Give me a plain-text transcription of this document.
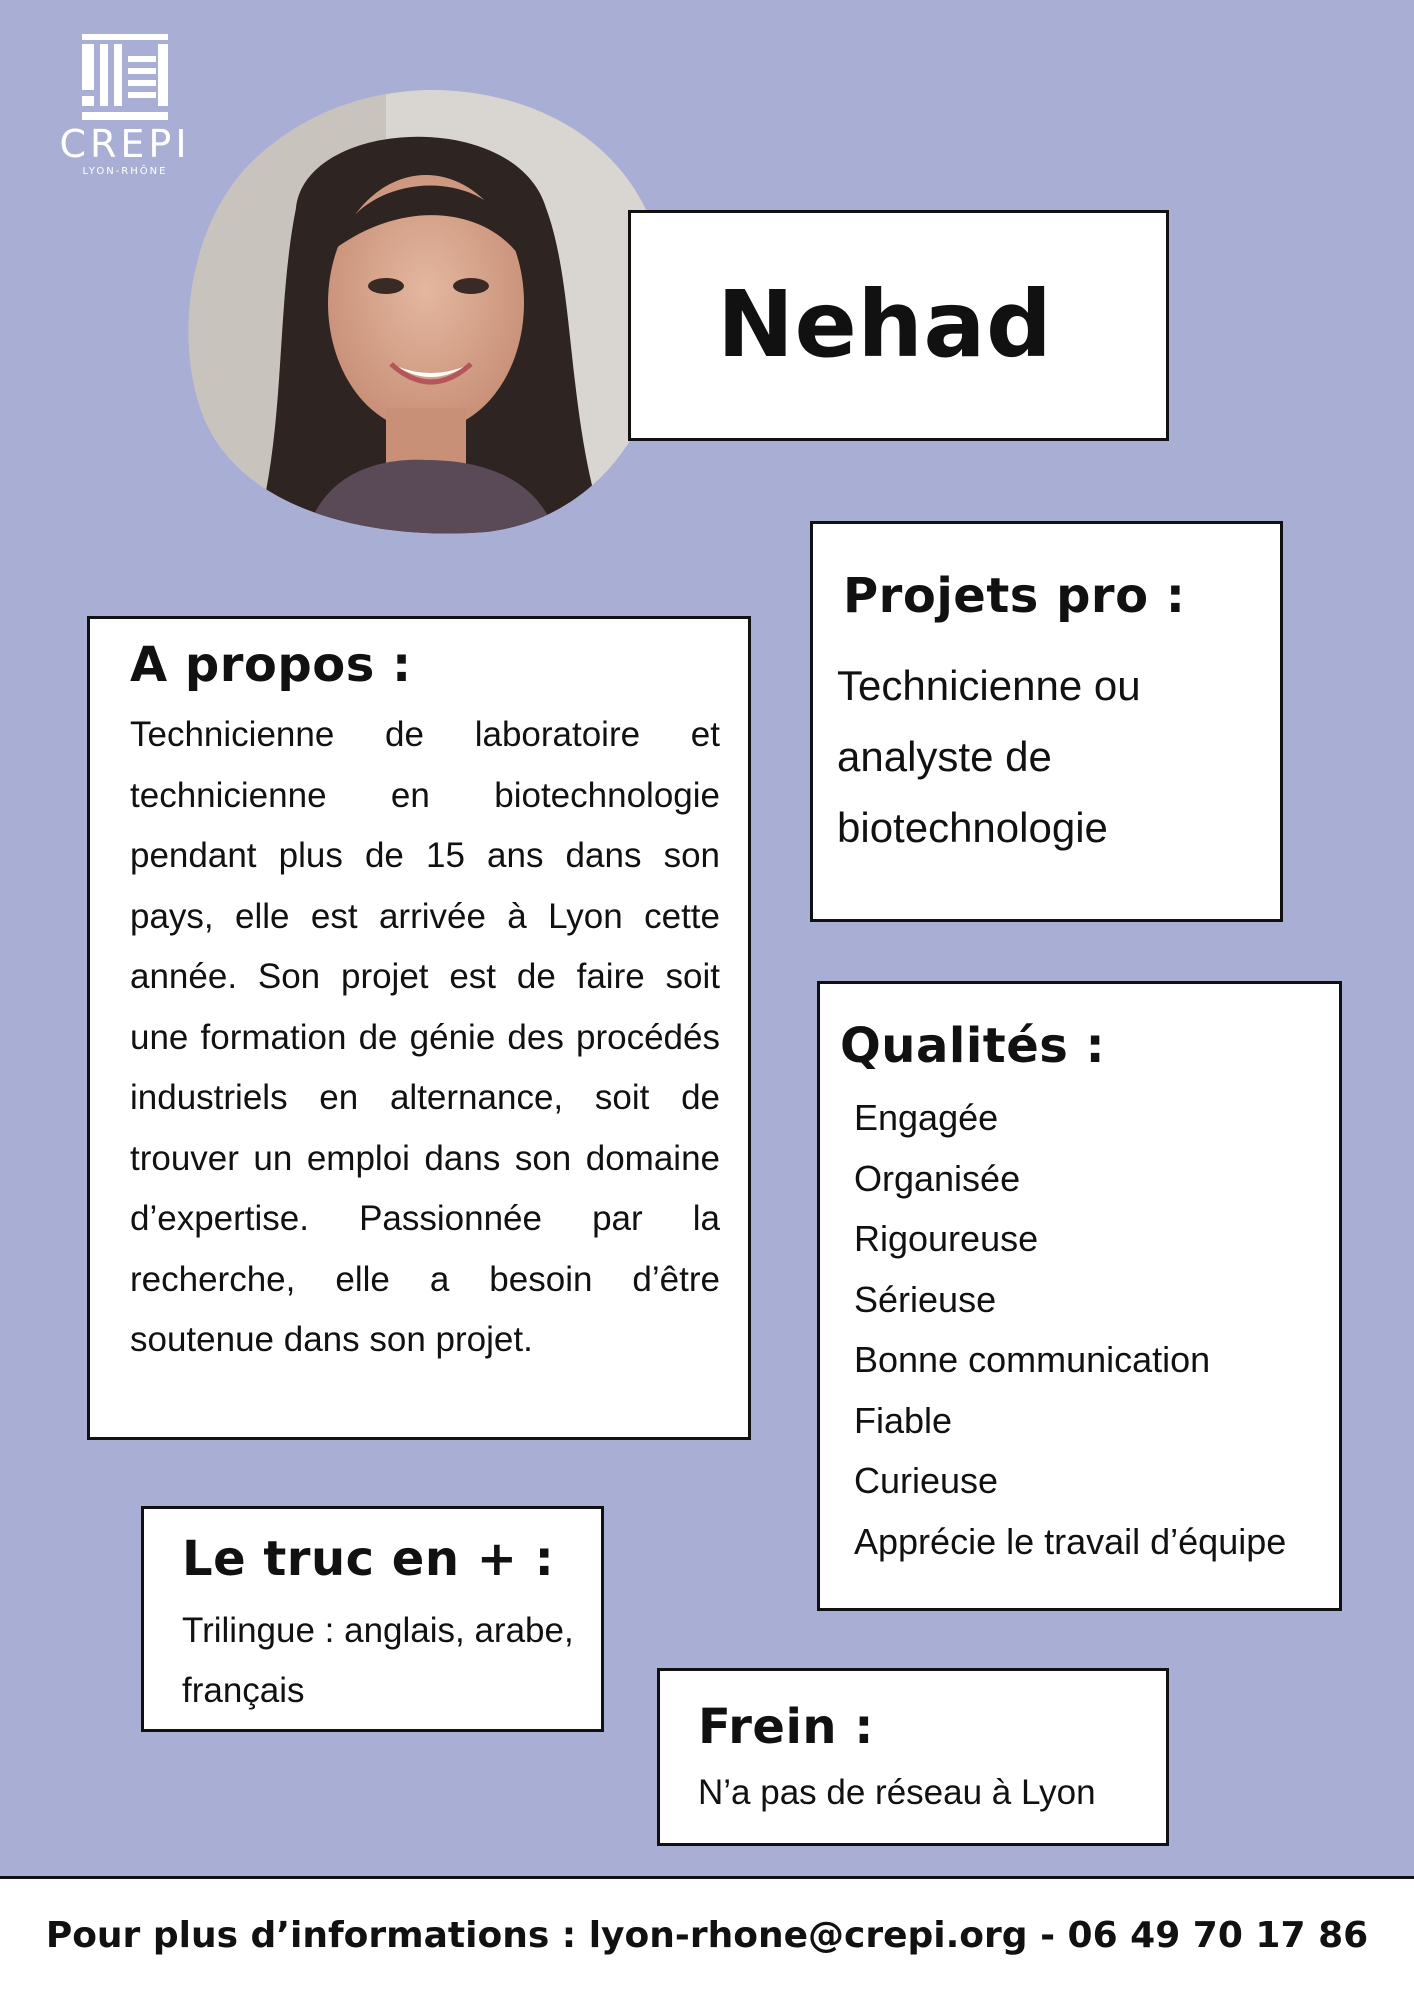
CREPI
LYON-RHÔNE
Nehad
A propos :
Technicienne de laboratoire et technicienne en biotechnologie pendant plus de 15 ans dans son pays, elle est arrivée à Lyon cette année. Son projet est de faire soit une formation de génie des procédés industriels en alternance, soit de trouver un emploi dans son domaine d’expertise. Passionnée par la recherche, elle a besoin d’être soutenue dans son projet.
Projets pro :
Technicienne ou analyste de biotechnologie
Qualités :
Engagée
Organisée
Rigoureuse
Sérieuse
Bonne communication
Fiable
Curieuse
Apprécie le travail d’équipe
Le truc en + :
Trilingue : anglais, arabe, français
Frein :
N’a pas de réseau à Lyon
Pour plus d’informations : lyon-rhone@crepi.org - 06 49 70 17 86
